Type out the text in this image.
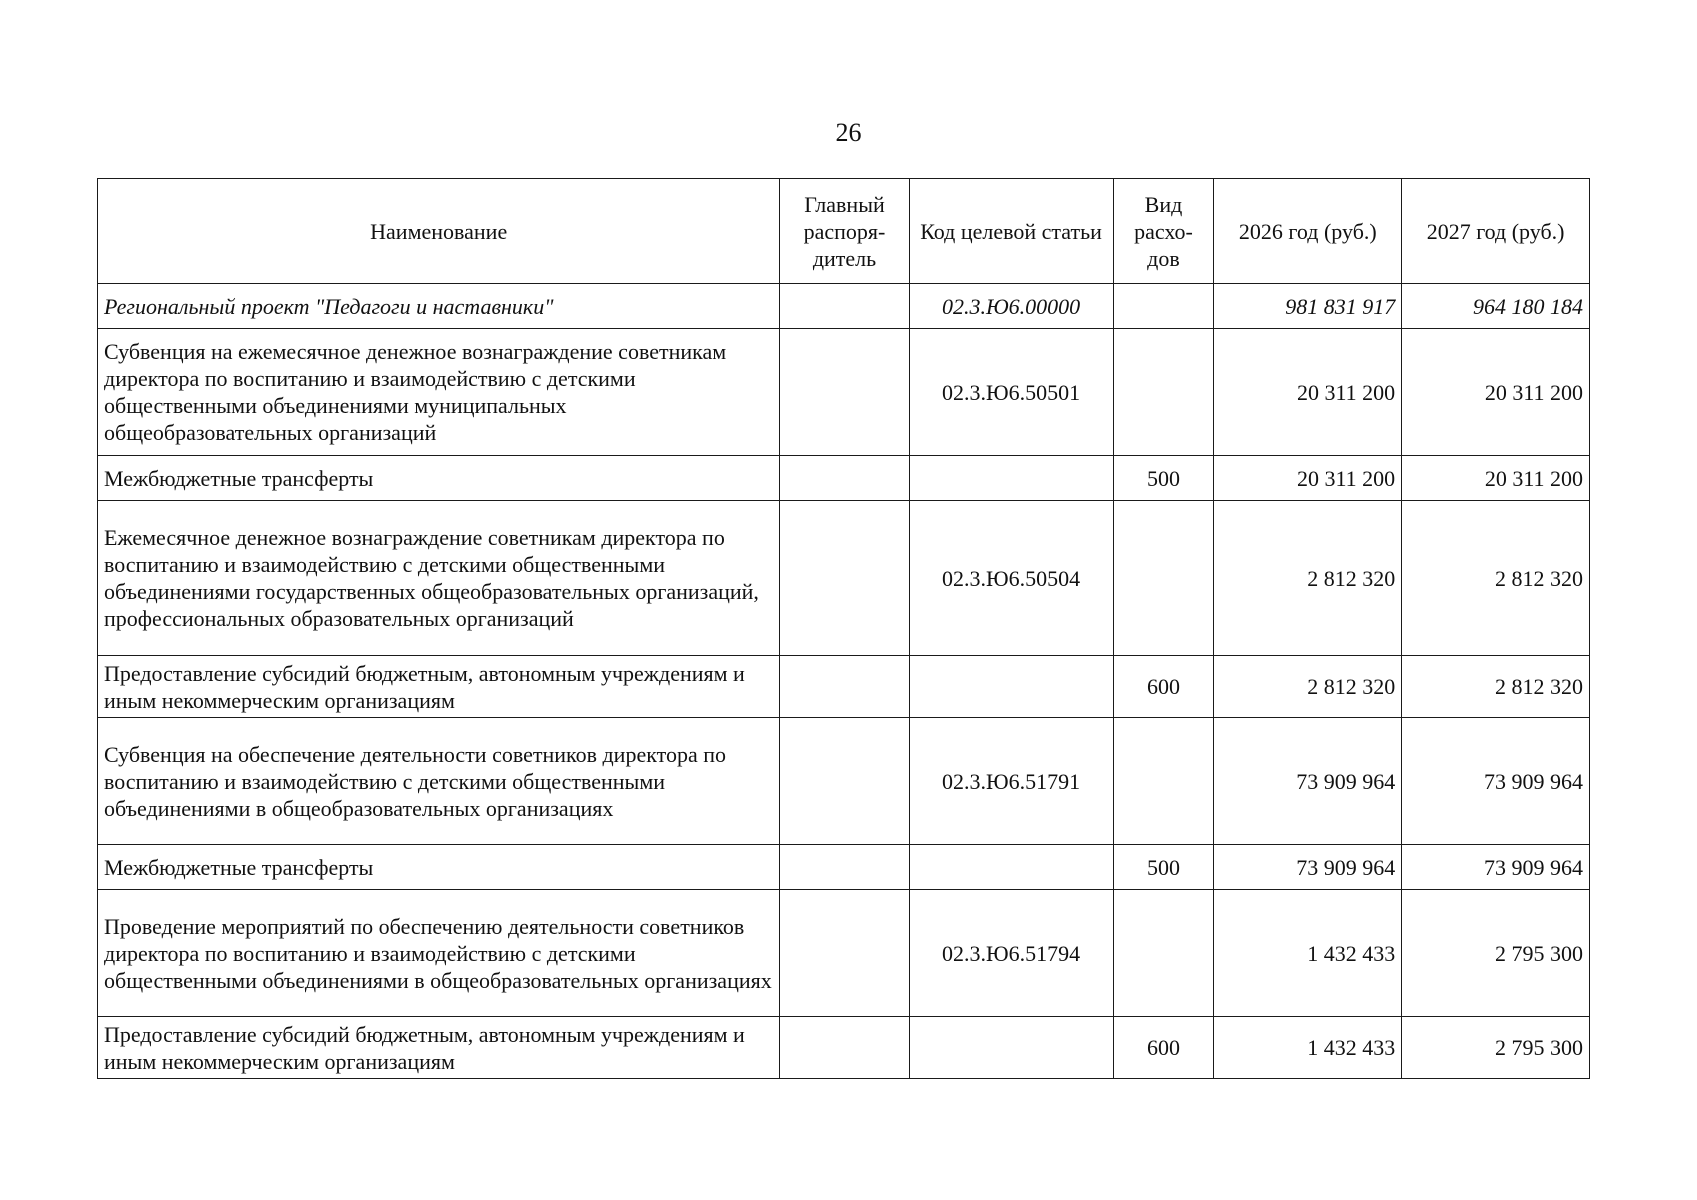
26
Наименование	Главный распоря-дитель	Код целевой статьи	Вид расхо-дов	2026 год (руб.)	2027 год (руб.)
Региональный проект "Педагоги и наставники"		02.3.Ю6.00000		981 831 917	964 180 184
Субвенция на ежемесячное денежное вознаграждение советникам директора по воспитанию и взаимодействию с детскими общественными объединениями муниципальных общеобразовательных организаций		02.3.Ю6.50501		20 311 200	20 311 200
Межбюджетные трансферты			500	20 311 200	20 311 200
Ежемесячное денежное вознаграждение советникам директора по воспитанию и взаимодействию с детскими общественными объединениями государственных общеобразовательных организаций, профессиональных образовательных организаций		02.3.Ю6.50504		2 812 320	2 812 320
Предоставление субсидий бюджетным, автономным учреждениям и иным некоммерческим организациям			600	2 812 320	2 812 320
Субвенция на обеспечение деятельности советников директора по воспитанию и взаимодействию с детскими общественными объединениями в общеобразовательных организациях		02.3.Ю6.51791		73 909 964	73 909 964
Межбюджетные трансферты			500	73 909 964	73 909 964
Проведение мероприятий по обеспечению деятельности советников директора по воспитанию и взаимодействию с детскими общественными объединениями в общеобразовательных организациях		02.3.Ю6.51794		1 432 433	2 795 300
Предоставление субсидий бюджетным, автономным учреждениям и иным некоммерческим организациям			600	1 432 433	2 795 300
